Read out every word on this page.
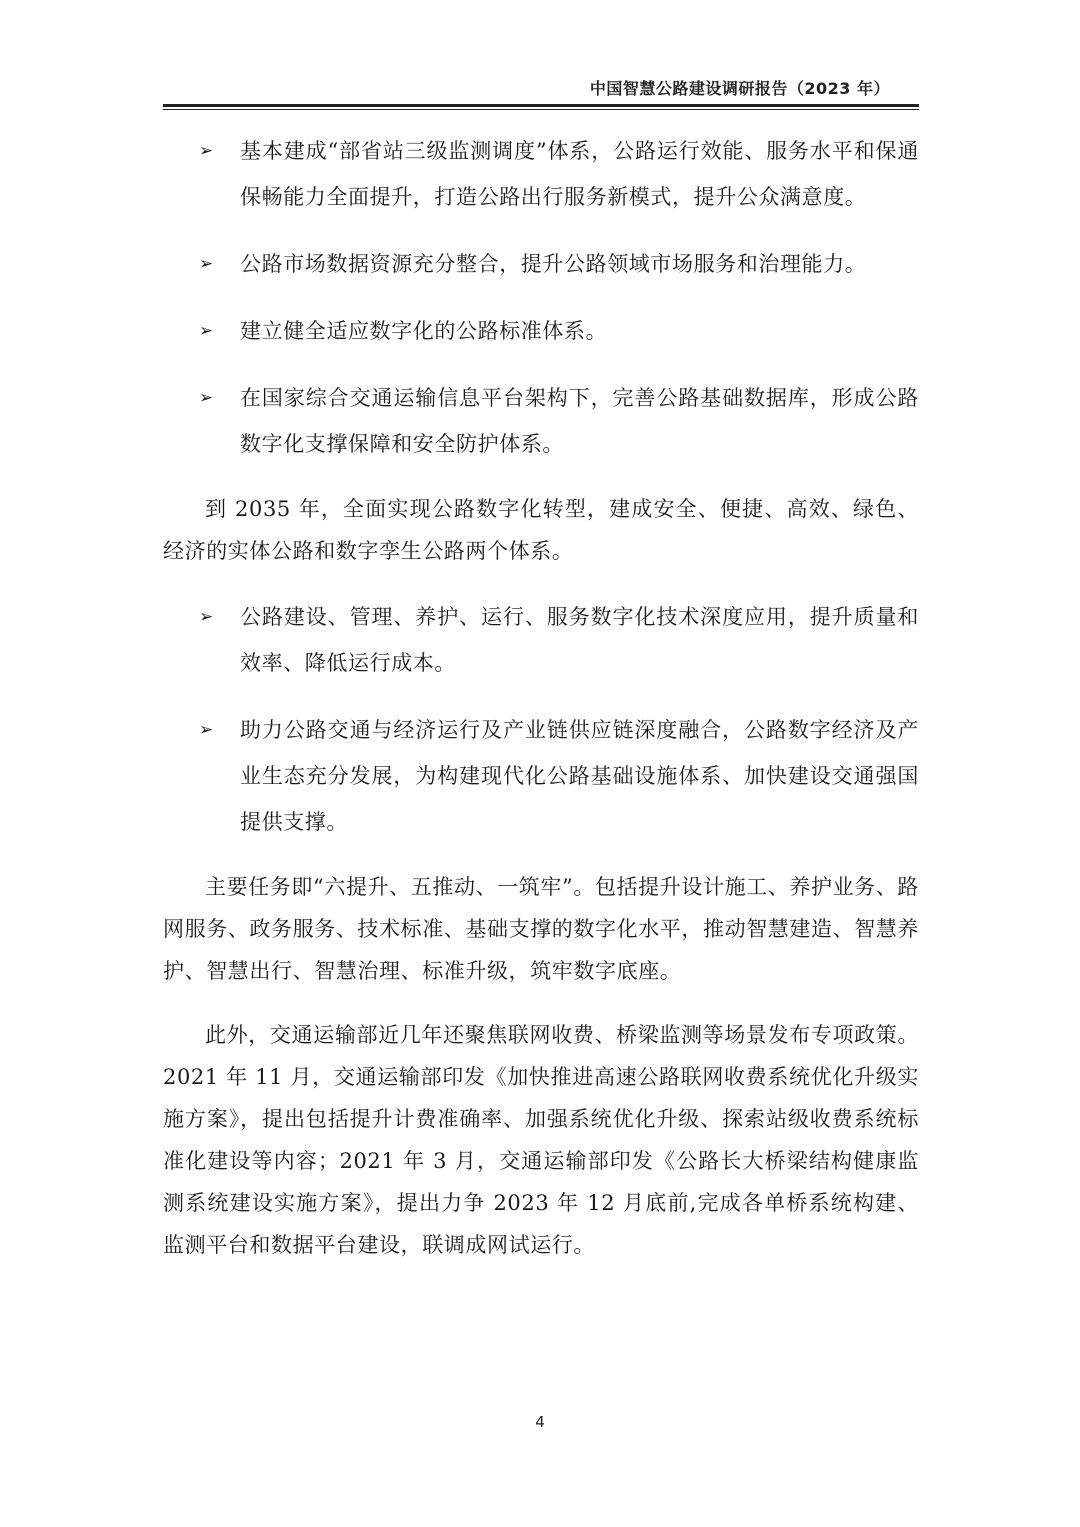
中国智慧公路建设调研报告（2023 年）
➢ 基本建成“部省站三级监测调度”体系，公路运行效能、服务水平和保通保畅能力全面提升，打造公路出行服务新模式，提升公众满意度。
➢ 公路市场数据资源充分整合，提升公路领域市场服务和治理能力。
➢ 建立健全适应数字化的公路标准体系。
➢ 在国家综合交通运输信息平台架构下，完善公路基础数据库，形成公路数字化支撑保障和安全防护体系。

到 2035 年，全面实现公路数字化转型，建成安全、便捷、高效、绿色、经济的实体公路和数字孪生公路两个体系。

➢ 公路建设、管理、养护、运行、服务数字化技术深度应用，提升质量和效率、降低运行成本。
➢ 助力公路交通与经济运行及产业链供应链深度融合，公路数字经济及产业生态充分发展，为构建现代化公路基础设施体系、加快建设交通强国提供支撑。

主要任务即“六提升、五推动、一筑牢”。包括提升设计施工、养护业务、路网服务、政务服务、技术标准、基础支撑的数字化水平，推动智慧建造、智慧养护、智慧出行、智慧治理、标准升级，筑牢数字底座。

此外，交通运输部近几年还聚焦联网收费、桥梁监测等场景发布专项政策。2021 年 11 月，交通运输部印发《加快推进高速公路联网收费系统优化升级实施方案》，提出包括提升计费准确率、加强系统优化升级、探索站级收费系统标准化建设等内容；2021 年 3 月，交通运输部印发《公路长大桥梁结构健康监测系统建设实施方案》，提出力争 2023 年 12 月底前,完成各单桥系统构建、监测平台和数据平台建设，联调成网试运行。

4
